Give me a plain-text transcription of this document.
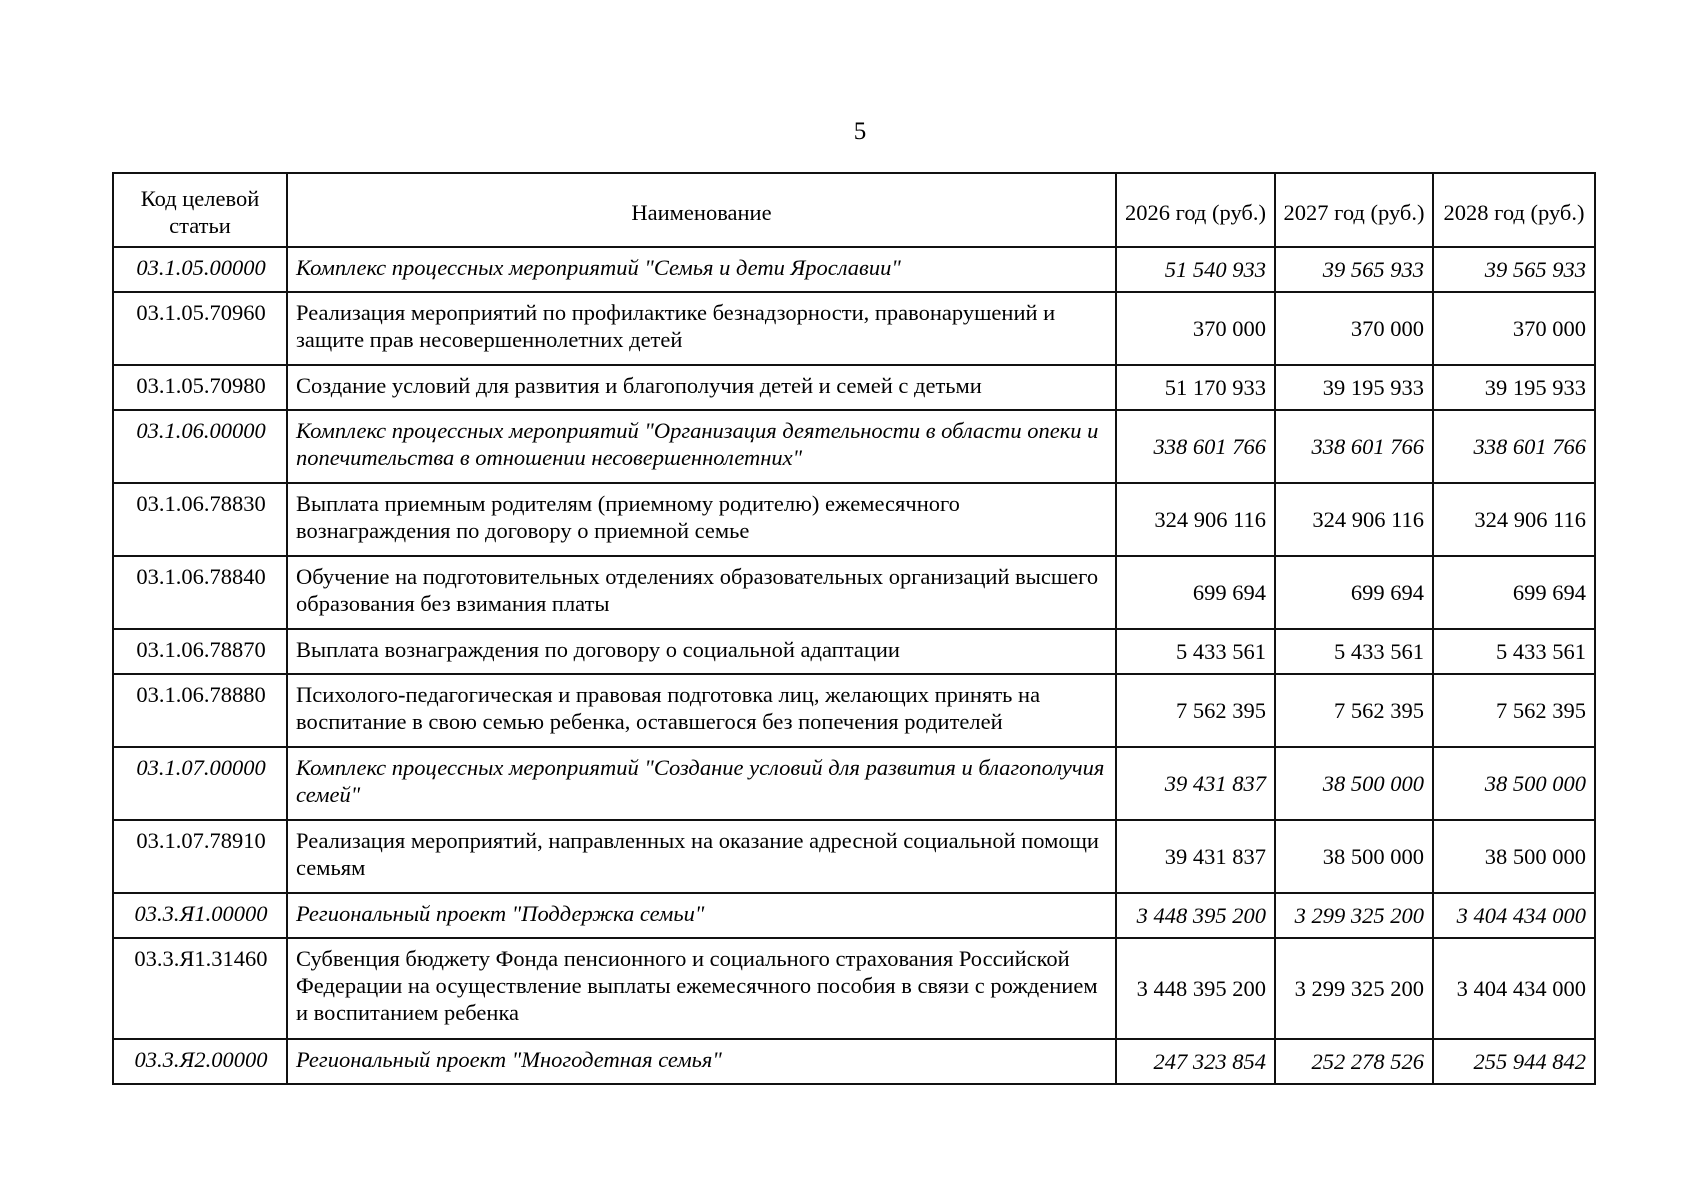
5
Код целевой статьи	Наименование	2026 год (руб.)	2027 год (руб.)	2028 год (руб.)
03.1.05.00000	Комплекс процессных мероприятий "Семья и дети Ярославии"	51 540 933	39 565 933	39 565 933
03.1.05.70960	Реализация мероприятий по профилактике безнадзорности, правонарушений и защите прав несовершеннолетних детей	370 000	370 000	370 000
03.1.05.70980	Создание условий для развития и благополучия детей и семей с детьми	51 170 933	39 195 933	39 195 933
03.1.06.00000	Комплекс процессных мероприятий "Организация деятельности в области опеки и попечительства в отношении несовершеннолетних"	338 601 766	338 601 766	338 601 766
03.1.06.78830	Выплата приемным родителям (приемному родителю) ежемесячного вознаграждения по договору о приемной семье	324 906 116	324 906 116	324 906 116
03.1.06.78840	Обучение на подготовительных отделениях образовательных организаций высшего образования без взимания платы	699 694	699 694	699 694
03.1.06.78870	Выплата вознаграждения по договору о социальной адаптации	5 433 561	5 433 561	5 433 561
03.1.06.78880	Психолого-педагогическая и правовая подготовка лиц, желающих принять на воспитание в свою семью ребенка, оставшегося без попечения родителей	7 562 395	7 562 395	7 562 395
03.1.07.00000	Комплекс процессных мероприятий "Создание условий для развития и благополучия семей"	39 431 837	38 500 000	38 500 000
03.1.07.78910	Реализация мероприятий, направленных на оказание адресной социальной помощи семьям	39 431 837	38 500 000	38 500 000
03.3.Я1.00000	Региональный проект "Поддержка семьи"	3 448 395 200	3 299 325 200	3 404 434 000
03.3.Я1.31460	Субвенция бюджету Фонда пенсионного и социального страхования Российской Федерации на осуществление выплаты ежемесячного пособия в связи с рождением и воспитанием ребенка	3 448 395 200	3 299 325 200	3 404 434 000
03.3.Я2.00000	Региональный проект "Многодетная семья"	247 323 854	252 278 526	255 944 842
